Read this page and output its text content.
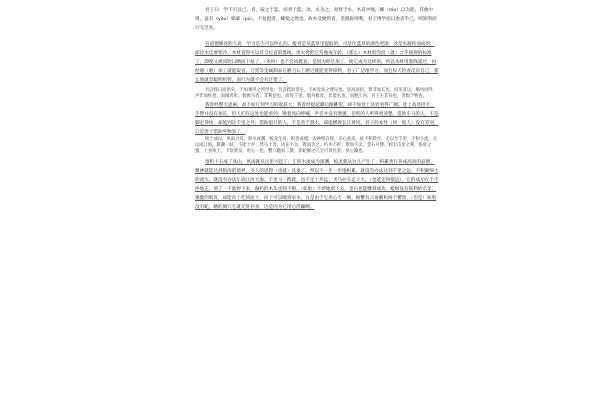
君子曰：学不可以已。青，取之于蓝，而青于蓝；冰，水为之，而寒于水。木直中绳，輮（róu）以为轮，其曲中规。虽有（yòu）槁暴（pù），不复挺者，輮使之然也。故木受绳则直，金就砺则利，君子博学而日参省乎己，则知明而行无过矣。

有道德修养的人说：学习是不可以停止的。靛青是从蓝草里提取的，可是比蓝草的颜色更深；冰是水凝结而成的，却比水还要寒冷。木材直得可以符合拉直的墨线，用火烤把它弯曲成车轮，（那么）木材的弯度（就）合乎圆规的标准了，即使又被风吹日晒而干枯了，（木材）也不会再挺直，是因为经过加工，使它成为这样的。所以木材用墨线量过，再经锤（磨）加工就能取直，刀剑等金属制品在磨刀石上磨过就能变得锋利，君子广泛地学习，而且每天检查反省自己，那么他就会聪明机智，而行为就不会有过错了。

吾尝终日而思矣，不如须臾之所学也；吾尝跂而望矣，不如登高之博见也。登高而招，臂非加长也，而见者远；顺风而呼，声非加疾也，而闻者彰。假舆马者，非利足也，而致千里；假舟楫者，非能水也，而绝江河。君子生非异也，善假于物也。

我曾经整天思索，却不如片刻学习的收获大；我曾经提起脚后跟眺望，却不如登上高处看得广阔。登上高处招手，手臂并没有加长，但人们在远处也能看到；顺着风向呼喊，声音并没有增强，但听的人听得更清楚。借助车马的人，不是脚走得快，却能到达千里之外；借助船只的人，不是善于游水，却能横渡长江黄河。君子的本性（同一般人）没有差别，只是善于借助外物罢了。

积土成山，风雨兴焉；积水成渊，蛟龙生焉；积善成德，而神明自得，圣心备焉。故不积跬步，无以至千里；不积小流，无以成江海。骐骥一跃，不能十步；驽马十驾，功在不舍。锲而舍之，朽木不折；锲而不舍，金石可镂。蚓无爪牙之利，筋骨之强，上食埃土，下饮黄泉，用心一也。蟹六跪而二螯，非蛇鳝之穴无可寄托者，用心躁也。

堆积土石成了高山，风雨就从这里兴起了；汇积水流成为深渊，蛟龙就从这儿产生了；积累善行养成高尚的品德，精神就能达到很高的境界，圣人的思想（也就）具备了。所以不一步一步地积累，就没有办法达到千里之远；不积累细小的流水，就没有办法汇成江河大海。千里马一跨跃，也不足十步远；劣马拉车走十天，（也能走得很远），它的成功在于不停地走。刻了一下就停下来，腐朽的木头也刻不断。（如果）不停地刻下去，金石也能雕刻成功。蚯蚓没有锐利的爪牙，强健的筋骨，却能向上吃到泥土，向下可以喝到泉水，这是由于它用心专一啊。螃蟹有六条腿和两个蟹钳，（但是）如果没有蛇、鳝的洞穴它就无处存身，这是因为它用心浮躁啊。
